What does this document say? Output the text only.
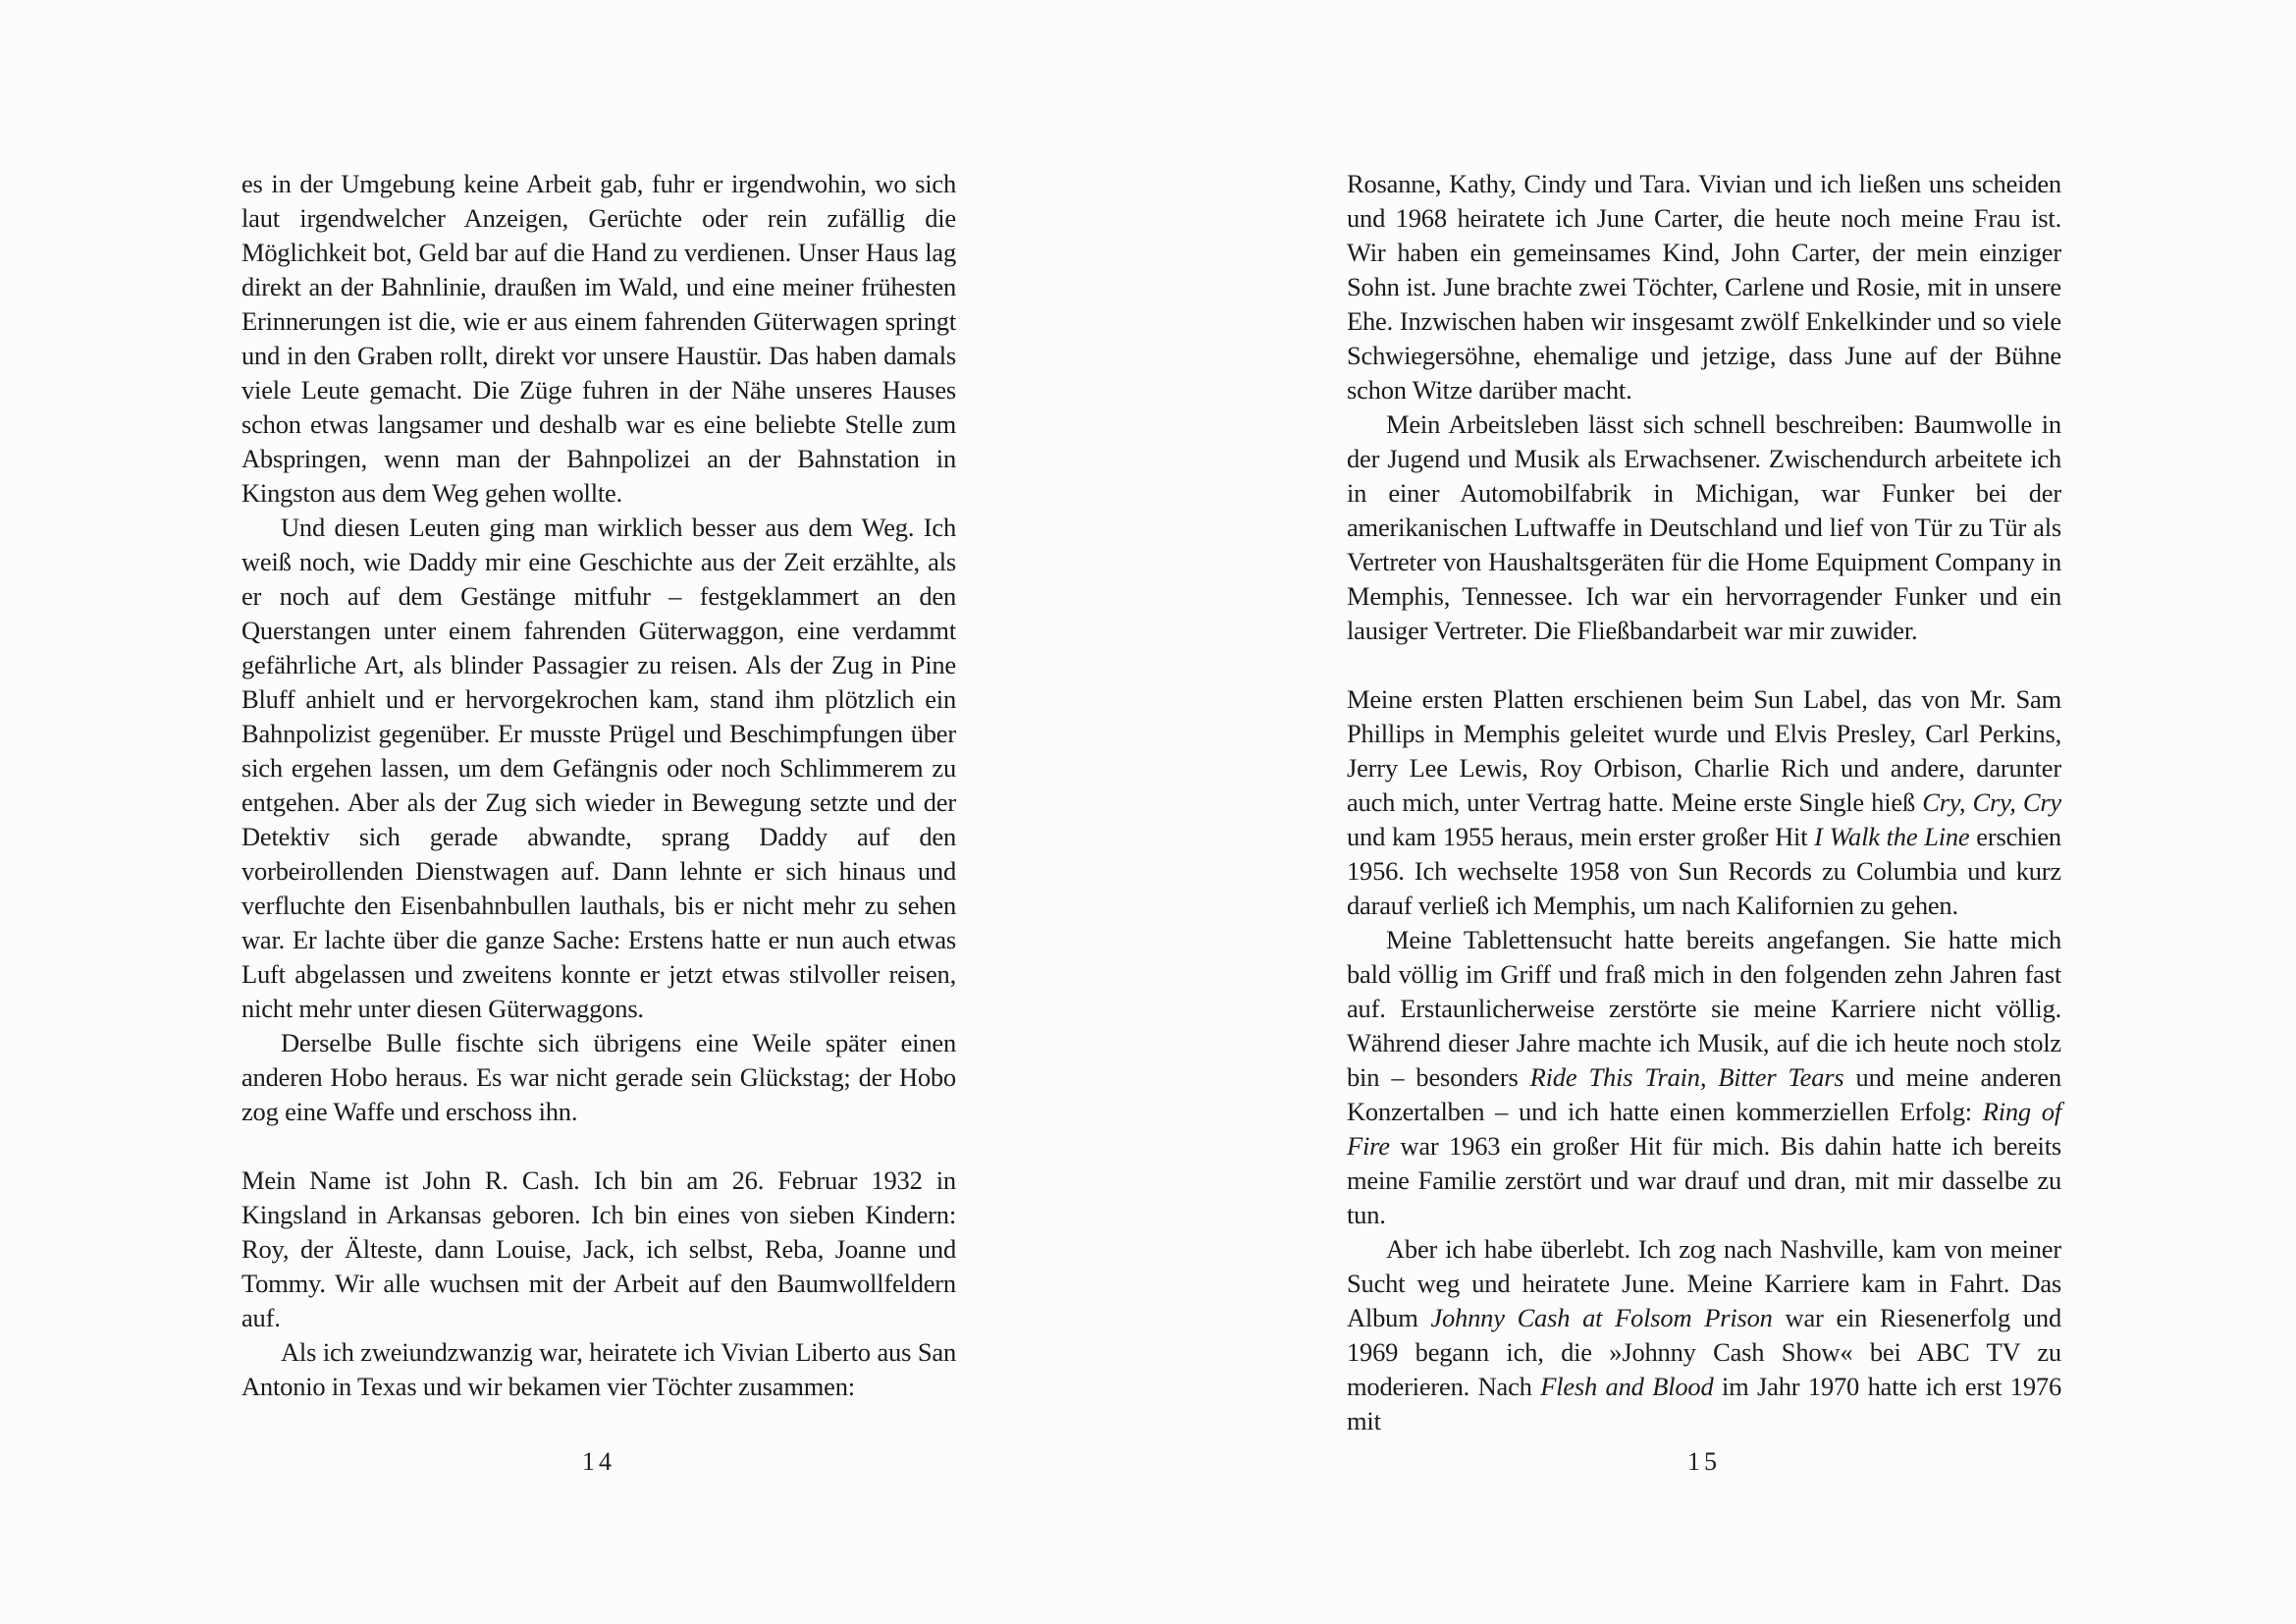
es in der Umgebung keine Arbeit gab, fuhr er irgendwohin, wo sich laut irgendwelcher Anzeigen, Gerüchte oder rein zufällig die Möglichkeit bot, Geld bar auf die Hand zu verdienen. Unser Haus lag direkt an der Bahnlinie, draußen im Wald, und eine meiner frühesten Erinnerungen ist die, wie er aus einem fahrenden Güterwagen springt und in den Graben rollt, direkt vor unsere Haustür. Das haben damals viele Leute gemacht. Die Züge fuhren in der Nähe unseres Hauses schon etwas langsamer und deshalb war es eine beliebte Stelle zum Abspringen, wenn man der Bahnpolizei an der Bahnstation in Kingston aus dem Weg gehen wollte.

Und diesen Leuten ging man wirklich besser aus dem Weg. Ich weiß noch, wie Daddy mir eine Geschichte aus der Zeit erzählte, als er noch auf dem Gestänge mitfuhr – festgeklammert an den Querstangen unter einem fahrenden Güterwaggon, eine verdammt gefährliche Art, als blinder Passagier zu reisen. Als der Zug in Pine Bluff anhielt und er hervorgekrochen kam, stand ihm plötzlich ein Bahnpolizist gegenüber. Er musste Prügel und Beschimpfungen über sich ergehen lassen, um dem Gefängnis oder noch Schlimmerem zu entgehen. Aber als der Zug sich wieder in Bewegung setzte und der Detektiv sich gerade abwandte, sprang Daddy auf den vorbeirollenden Dienstwagen auf. Dann lehnte er sich hinaus und verfluchte den Eisenbahnbullen lauthals, bis er nicht mehr zu sehen war. Er lachte über die ganze Sache: Erstens hatte er nun auch etwas Luft abgelassen und zweitens konnte er jetzt etwas stilvoller reisen, nicht mehr unter diesen Güterwaggons.

Derselbe Bulle fischte sich übrigens eine Weile später einen anderen Hobo heraus. Es war nicht gerade sein Glückstag; der Hobo zog eine Waffe und erschoss ihn.

Mein Name ist John R. Cash. Ich bin am 26. Februar 1932 in Kingsland in Arkansas geboren. Ich bin eines von sieben Kindern: Roy, der Älteste, dann Louise, Jack, ich selbst, Reba, Joanne und Tommy. Wir alle wuchsen mit der Arbeit auf den Baumwollfeldern auf.

Als ich zweiundzwanzig war, heiratete ich Vivian Liberto aus San Antonio in Texas und wir bekamen vier Töchter zusammen:

14

Rosanne, Kathy, Cindy und Tara. Vivian und ich ließen uns scheiden und 1968 heiratete ich June Carter, die heute noch meine Frau ist. Wir haben ein gemeinsames Kind, John Carter, der mein einziger Sohn ist. June brachte zwei Töchter, Carlene und Rosie, mit in unsere Ehe. Inzwischen haben wir insgesamt zwölf Enkelkinder und so viele Schwiegersöhne, ehemalige und jetzige, dass June auf der Bühne schon Witze darüber macht.

Mein Arbeitsleben lässt sich schnell beschreiben: Baumwolle in der Jugend und Musik als Erwachsener. Zwischendurch arbeitete ich in einer Automobilfabrik in Michigan, war Funker bei der amerikanischen Luftwaffe in Deutschland und lief von Tür zu Tür als Vertreter von Haushaltsgeräten für die Home Equipment Company in Memphis, Tennessee. Ich war ein hervorragender Funker und ein lausiger Vertreter. Die Fließbandarbeit war mir zuwider.

Meine ersten Platten erschienen beim Sun Label, das von Mr. Sam Phillips in Memphis geleitet wurde und Elvis Presley, Carl Perkins, Jerry Lee Lewis, Roy Orbison, Charlie Rich und andere, darunter auch mich, unter Vertrag hatte. Meine erste Single hieß Cry, Cry, Cry und kam 1955 heraus, mein erster großer Hit I Walk the Line erschien 1956. Ich wechselte 1958 von Sun Records zu Columbia und kurz darauf verließ ich Memphis, um nach Kalifornien zu gehen.

Meine Tablettensucht hatte bereits angefangen. Sie hatte mich bald völlig im Griff und fraß mich in den folgenden zehn Jahren fast auf. Erstaunlicherweise zerstörte sie meine Karriere nicht völlig. Während dieser Jahre machte ich Musik, auf die ich heute noch stolz bin – besonders Ride This Train, Bitter Tears und meine anderen Konzertalben – und ich hatte einen kommerziellen Erfolg: Ring of Fire war 1963 ein großer Hit für mich. Bis dahin hatte ich bereits meine Familie zerstört und war drauf und dran, mit mir dasselbe zu tun.

Aber ich habe überlebt. Ich zog nach Nashville, kam von meiner Sucht weg und heiratete June. Meine Karriere kam in Fahrt. Das Album Johnny Cash at Folsom Prison war ein Riesenerfolg und 1969 begann ich, die »Johnny Cash Show« bei ABC TV zu moderieren. Nach Flesh and Blood im Jahr 1970 hatte ich erst 1976 mit

15
